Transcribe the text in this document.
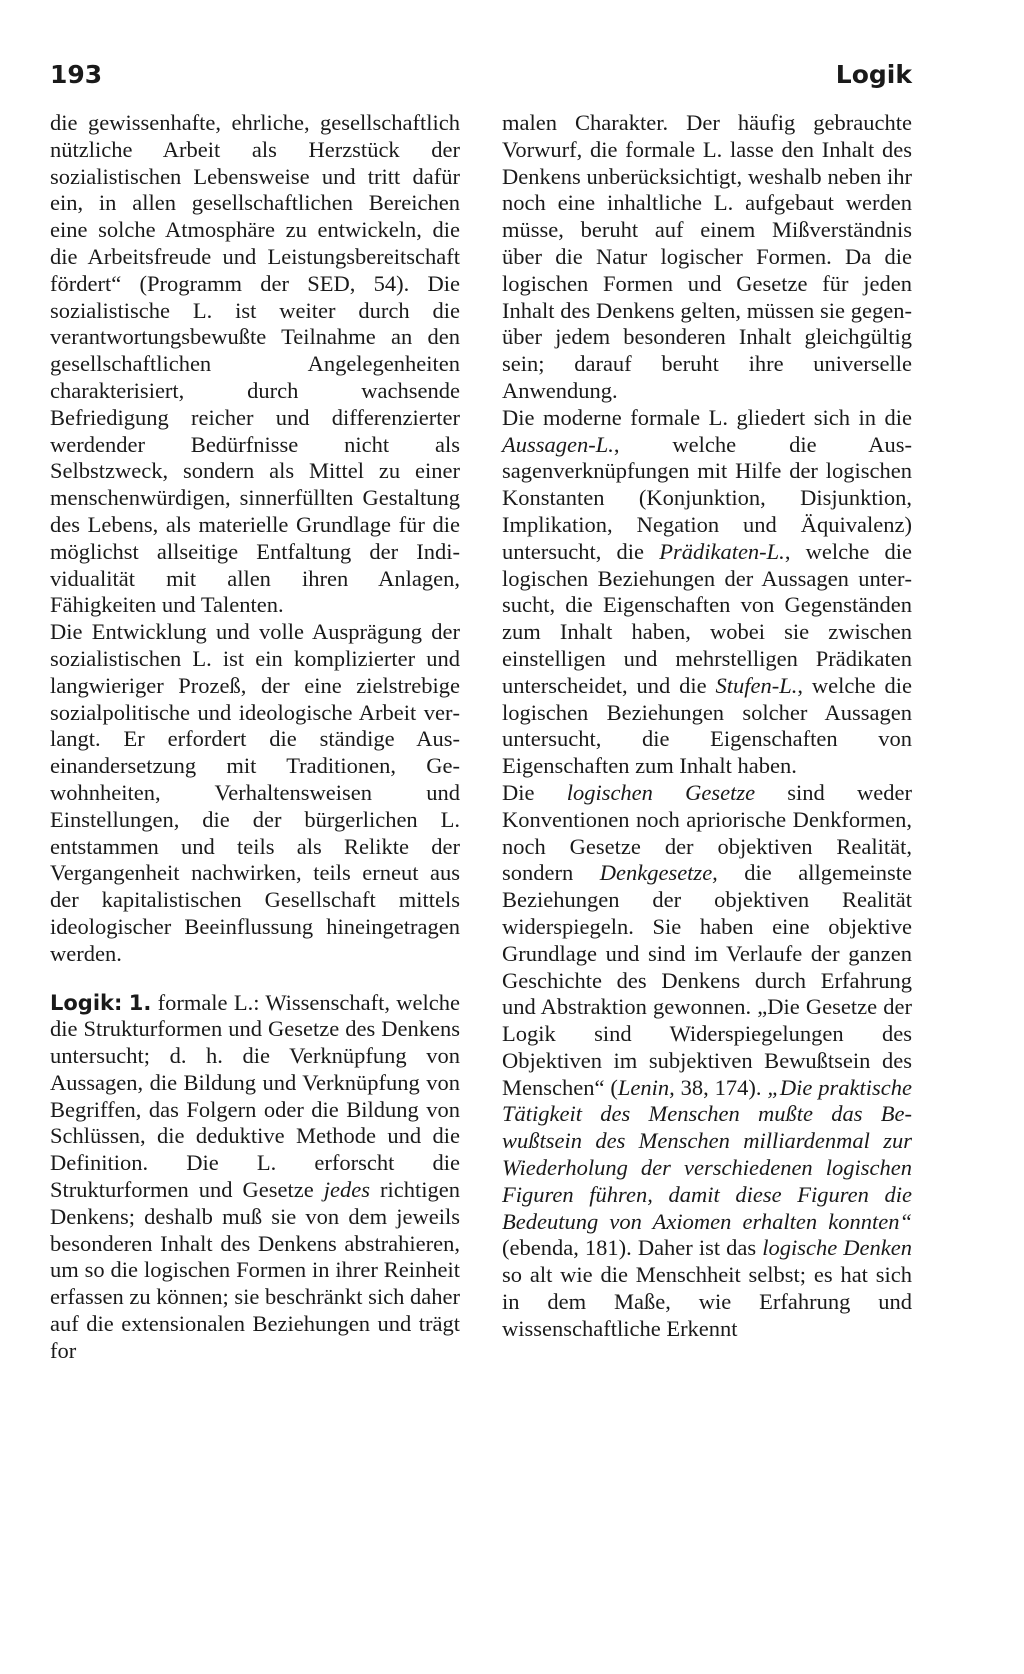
193	Logik

die gewissenhafte, ehrliche, gesellschaftlich nützliche Arbeit als Herzstück der sozialistischen Lebensweise und tritt dafür ein, in allen gesellschaftlichen Bereichen eine solche Atmosphäre zu entwickeln, die die Arbeitsfreude und Leistungsbereitschaft fördert“ (Programm der SED, 54). Die sozialistische L. ist weiter durch die verantwortungsbewußte Teilnahme an den gesellschaftlichen Angelegenheiten charakterisiert, durch wachsende Befriedigung reicher und differenzierter werdender Bedürfnisse nicht als Selbstzweck, sondern als Mittel zu einer menschenwürdigen, sinnerfüllten Gestaltung des Lebens, als materielle Grundlage für die möglichst allseitige Entfaltung der Individualität mit allen ihren Anlagen, Fähigkeiten und Talenten.

Die Entwicklung und volle Ausprägung der sozialistischen L. ist ein komplizierter und langwieriger Prozeß, der eine zielstrebige sozialpolitische und ideologische Arbeit verlangt. Er erfordert die ständige Auseinandersetzung mit Traditionen, Gewohnheiten, Verhaltensweisen und Einstellungen, die der bürgerlichen L. entstammen und teils als Relikte der Vergangenheit nachwirken, teils erneut aus der kapitalistischen Gesellschaft mittels ideologischer Beeinflussung hineingetragen werden.

Logik: 1. formale L.: Wissenschaft, welche die Strukturformen und Gesetze des Denkens untersucht; d. h. die Verknüpfung von Aussagen, die Bildung und Verknüpfung von Begriffen, das Folgern oder die Bildung von Schlüssen, die deduktive Methode und die Definition. Die L. erforscht die Strukturformen und Gesetze jedes richtigen Denkens; deshalb muß sie von dem jeweils besonderen Inhalt des Denkens abstrahieren, um so die logischen Formen in ihrer Reinheit erfassen zu können; sie beschränkt sich daher auf die extensionalen Beziehungen und trägt for

malen Charakter. Der häufig gebrauchte Vorwurf, die formale L. lasse den Inhalt des Denkens unberücksichtigt, weshalb neben ihr noch eine inhaltliche L. aufgebaut werden müsse, beruht auf einem Mißverständnis über die Natur logischer Formen. Da die logischen Formen und Gesetze für jeden Inhalt des Denkens gelten, müssen sie gegenüber jedem besonderen Inhalt gleichgültig sein; darauf beruht ihre universelle Anwendung.

Die moderne formale L. gliedert sich in die Aussagen-L., welche die Aussagenverknüpfungen mit Hilfe der logischen Konstanten (Konjunktion, Disjunktion, Implikation, Negation und Äquivalenz) untersucht, die Prädikaten-L., welche die logischen Beziehungen der Aussagen untersucht, die Eigenschaften von Gegenständen zum Inhalt haben, wobei sie zwischen einstelligen und mehrstelligen Prädikaten unterscheidet, und die Stufen-L., welche die logischen Beziehungen solcher Aussagen untersucht, die Eigenschaften von Eigenschaften zum Inhalt haben.

Die logischen Gesetze sind weder Konventionen noch apriorische Denkformen, noch Gesetze der objektiven Realität, sondern Denkgesetze, die allgemeinste Beziehungen der objektiven Realität widerspiegeln. Sie haben eine objektive Grundlage und sind im Verlaufe der ganzen Geschichte des Denkens durch Erfahrung und Abstraktion gewonnen. „Die Gesetze der Logik sind Widerspiegelungen des Objektiven im subjektiven Bewußtsein des Menschen“ (Lenin, 38, 174). „Die praktische Tätigkeit des Menschen mußte das Bewußtsein des Menschen milliardenmal zur Wiederholung der verschiedenen logischen Figuren führen, damit diese Figuren die Bedeutung von Axiomen erhalten konnten“ (ebenda, 181). Daher ist das logische Denken so alt wie die Menschheit selbst; es hat sich in dem Maße, wie Erfahrung und wissenschaftliche Erkennt
